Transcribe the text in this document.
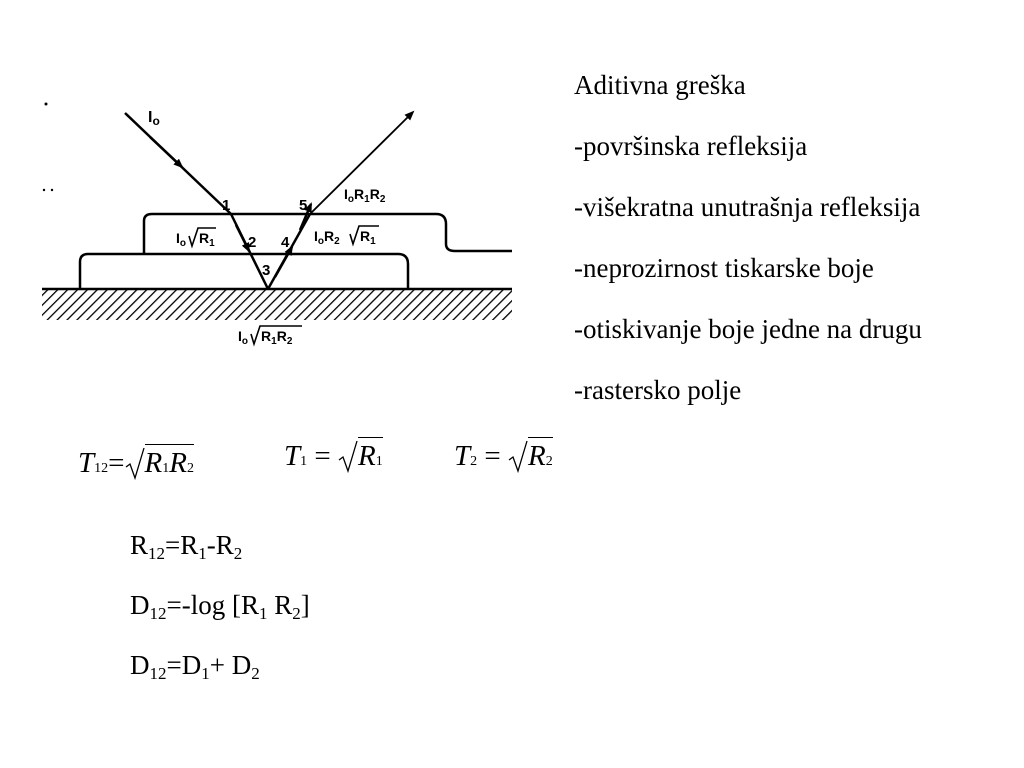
Io
1
2
3
4
5
$I_o$ $R_1$	$I_oR_2$ $R_1$
$I_oR_1R_2$
$I_o$ $R_1R_2$
Aditivna greška
-površinska refleksija
-višekratna unutrašnja refleksija
-neprozirnost tiskarske boje
-otiskivanje boje jedne na drugu
-rastersko polje
T12= R1R2	T1 = R1 T2 = R2
$R_{12}=R_1-R_2$
$D_{12}=-\log$ [$R_1$ $R_2$]
$D_{12}=D_1+ D_2$
